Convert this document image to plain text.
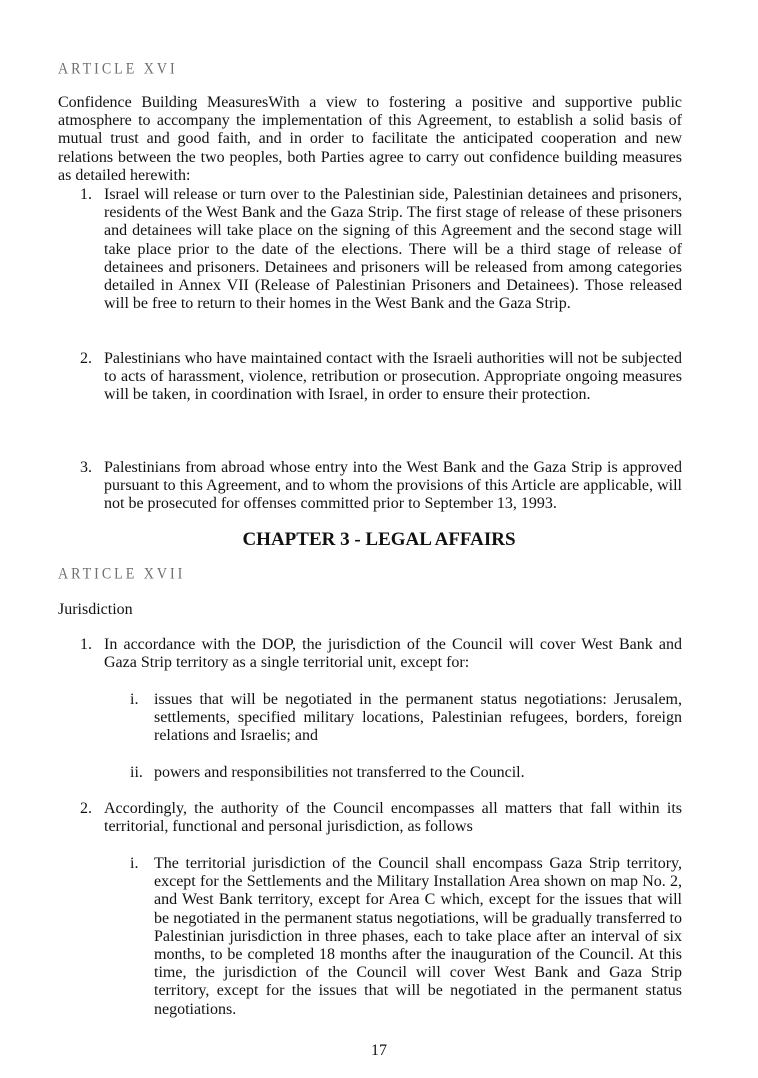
ARTICLE XVI
Confidence Building MeasuresWith a view to fostering a positive and supportive public atmosphere to accompany the implementation of this Agreement, to establish a solid basis of mutual trust and good faith, and in order to facilitate the anticipated cooperation and new relations between the two peoples, both Parties agree to carry out confidence building measures as detailed herewith:
1. Israel will release or turn over to the Palestinian side, Palestinian detainees and prisoners, residents of the West Bank and the Gaza Strip. The first stage of release of these prisoners and detainees will take place on the signing of this Agreement and the second stage will take place prior to the date of the elections. There will be a third stage of release of detainees and prisoners. Detainees and prisoners will be released from among categories detailed in Annex VII (Release of Palestinian Prisoners and Detainees). Those released will be free to return to their homes in the West Bank and the Gaza Strip.
2. Palestinians who have maintained contact with the Israeli authorities will not be subjected to acts of harassment, violence, retribution or prosecution. Appropriate ongoing measures will be taken, in coordination with Israel, in order to ensure their protection.
3. Palestinians from abroad whose entry into the West Bank and the Gaza Strip is approved pursuant to this Agreement, and to whom the provisions of this Article are applicable, will not be prosecuted for offenses committed prior to September 13, 1993.
CHAPTER 3 - LEGAL AFFAIRS
ARTICLE XVII
Jurisdiction
1. In accordance with the DOP, the jurisdiction of the Council will cover West Bank and Gaza Strip territory as a single territorial unit, except for:
i. issues that will be negotiated in the permanent status negotiations: Jerusalem, settlements, specified military locations, Palestinian refugees, borders, foreign relations and Israelis; and
ii. powers and responsibilities not transferred to the Council.
2. Accordingly, the authority of the Council encompasses all matters that fall within its territorial, functional and personal jurisdiction, as follows
i. The territorial jurisdiction of the Council shall encompass Gaza Strip territory, except for the Settlements and the Military Installation Area shown on map No. 2, and West Bank territory, except for Area C which, except for the issues that will be negotiated in the permanent status negotiations, will be gradually transferred to Palestinian jurisdiction in three phases, each to take place after an interval of six months, to be completed 18 months after the inauguration of the Council. At this time, the jurisdiction of the Council will cover West Bank and Gaza Strip territory, except for the issues that will be negotiated in the permanent status negotiations.
17
